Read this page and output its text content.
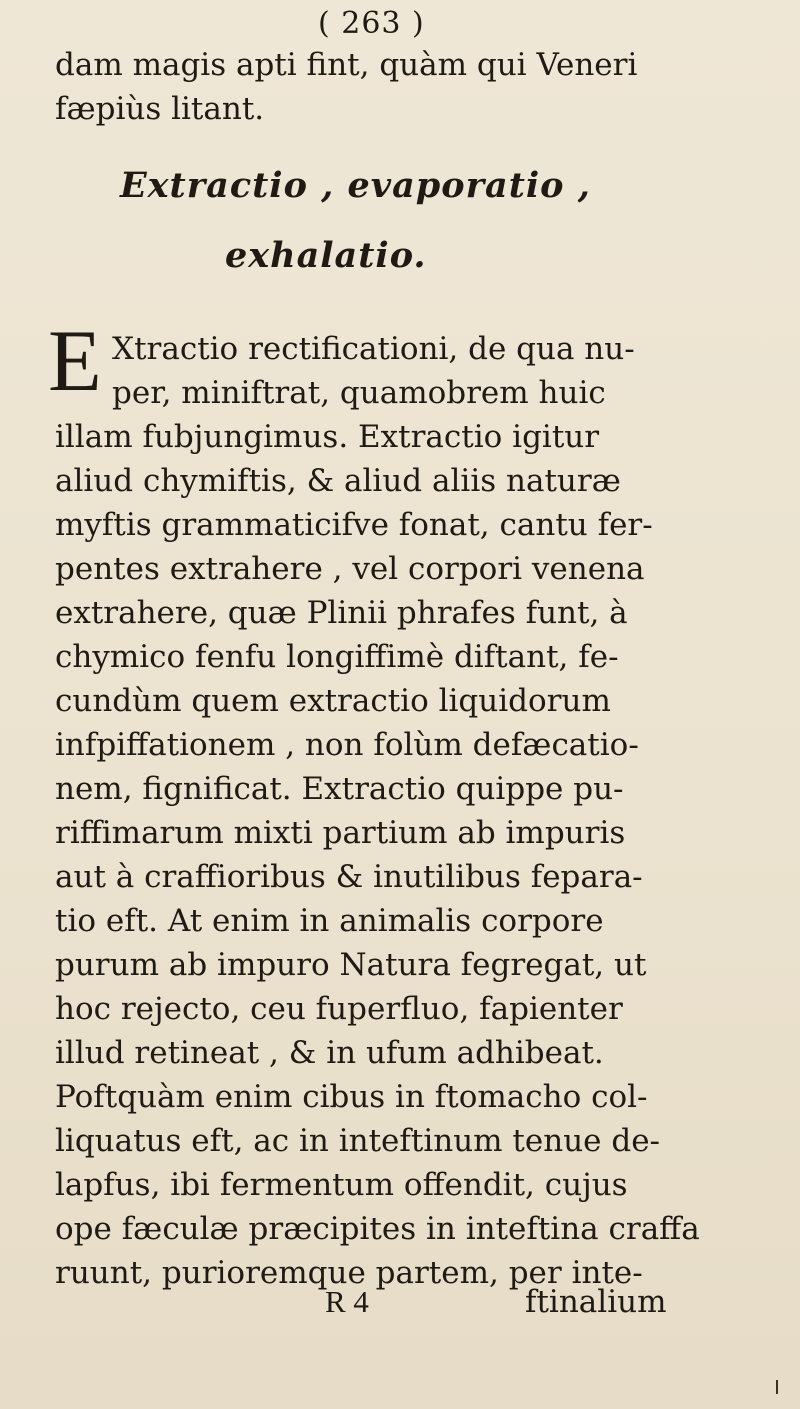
( 263 )
dam magis apti fint, quàm qui Veneri
fæpiùs litant.
Extractio , evaporatio ,
exhalatio.
E Xtractio rectificationi, de qua nu-
per, miniftrat, quamobrem huic
illam fubjungimus. Extractio igitur
aliud chymiftis, & aliud aliis naturæ
myftis grammaticifve fonat, cantu fer-
pentes extrahere , vel corpori venena
extrahere, quæ Plinii phrafes funt, à
chymico fenfu longiffimè diftant, fe-
cundùm quem extractio liquidorum
infpiffationem , non folùm defæcatio-
nem, fignificat. Extractio quippe pu-
riffimarum mixti partium ab impuris
aut à craffioribus & inutilibus fepara-
tio eft. At enim in animalis corpore
purum ab impuro Natura fegregat, ut
hoc rejecto, ceu fuperfluo, fapienter
illud retineat , & in ufum adhibeat.
Poftquàm enim cibus in ftomacho col-
liquatus eft, ac in inteftinum tenue de-
lapfus, ibi fermentum offendit, cujus
ope fæculæ præcipites in inteftina craffa
ruunt, purioremque partem, per inte-
R 4	ftinalium
